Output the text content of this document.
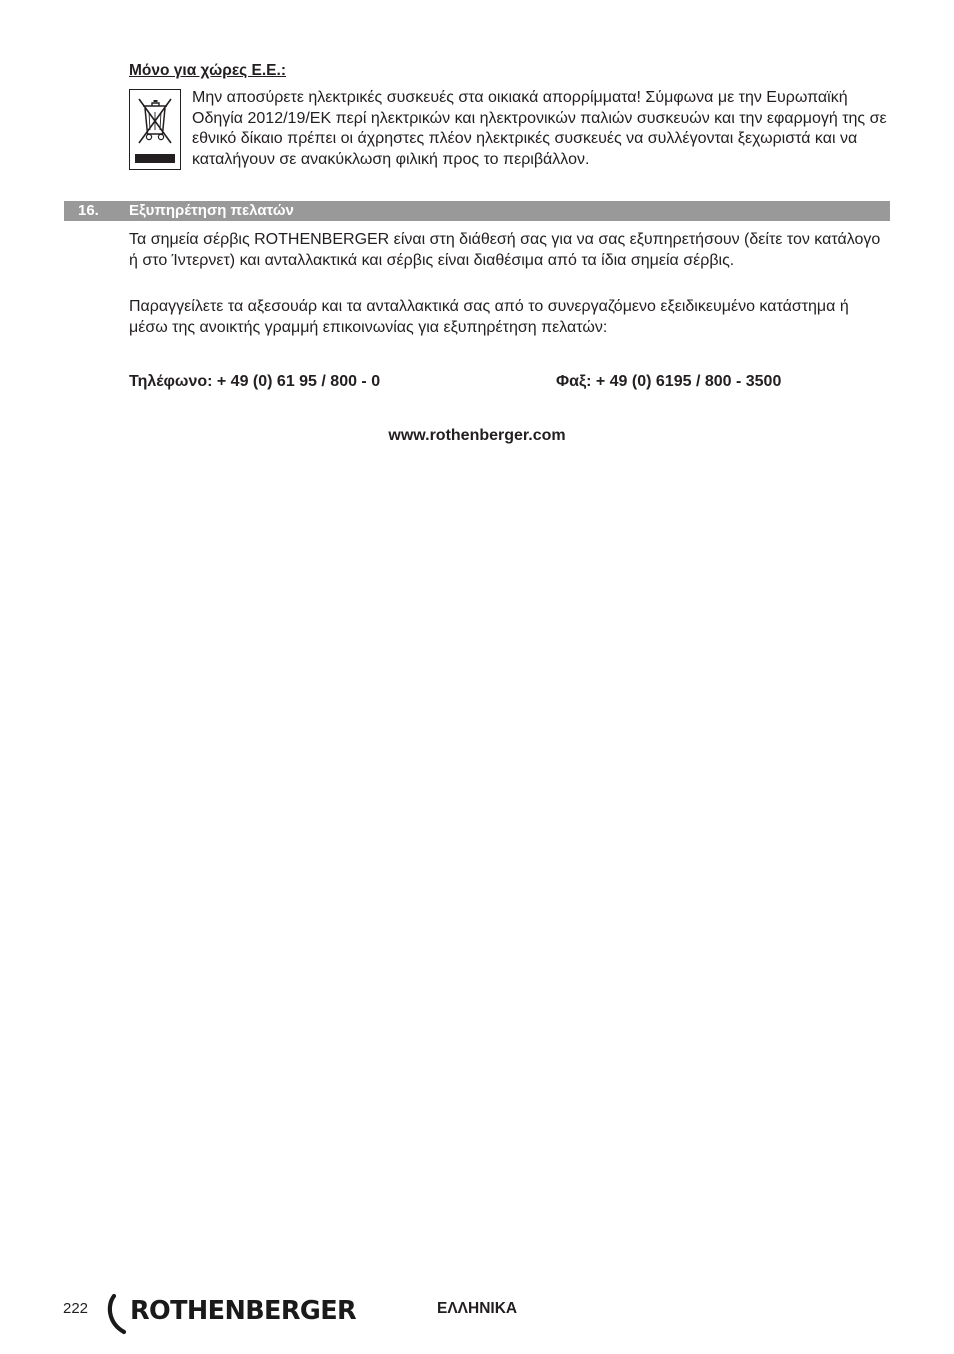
Μόνο για χώρες Ε.Ε.:

Μην αποσύρετε ηλεκτρικές συσκευές στα οικιακά απορρίμματα! Σύμφωνα με την Ευρωπαϊκή Οδηγία 2012/19/ΕΚ περί ηλεκτρικών και ηλεκτρονικών παλιών συσκευών και την εφαρμογή της σε εθνικό δίκαιο πρέπει οι άχρηστες πλέον ηλεκτρικές συσκευές να συλλέγονται ξεχωριστά και να καταλήγουν σε ανακύκλωση φιλική προς το περιβάλλον.

16. Εξυπηρέτηση πελατών

Τα σημεία σέρβις ROTHENBERGER είναι στη διάθεσή σας για να σας εξυπηρετήσουν (δείτε τον κατάλογο ή στο Ίντερνετ) και ανταλλακτικά και σέρβις είναι διαθέσιμα από τα ίδια σημεία σέρβις.

Παραγγείλετε τα αξεσουάρ και τα ανταλλακτικά σας από το συνεργαζόμενο εξειδικευμένο κατάστημα ή μέσω της ανοικτής γραμμή επικοινωνίας για εξυπηρέτηση πελατών:

Τηλέφωνο: + 49 (0) 61 95 / 800 - 0	Φαξ: + 49 (0) 6195 / 800 - 3500
www.rothenberger.com
222 ROTHENBERGER	ΕΛΛΗΝΙΚΑ
